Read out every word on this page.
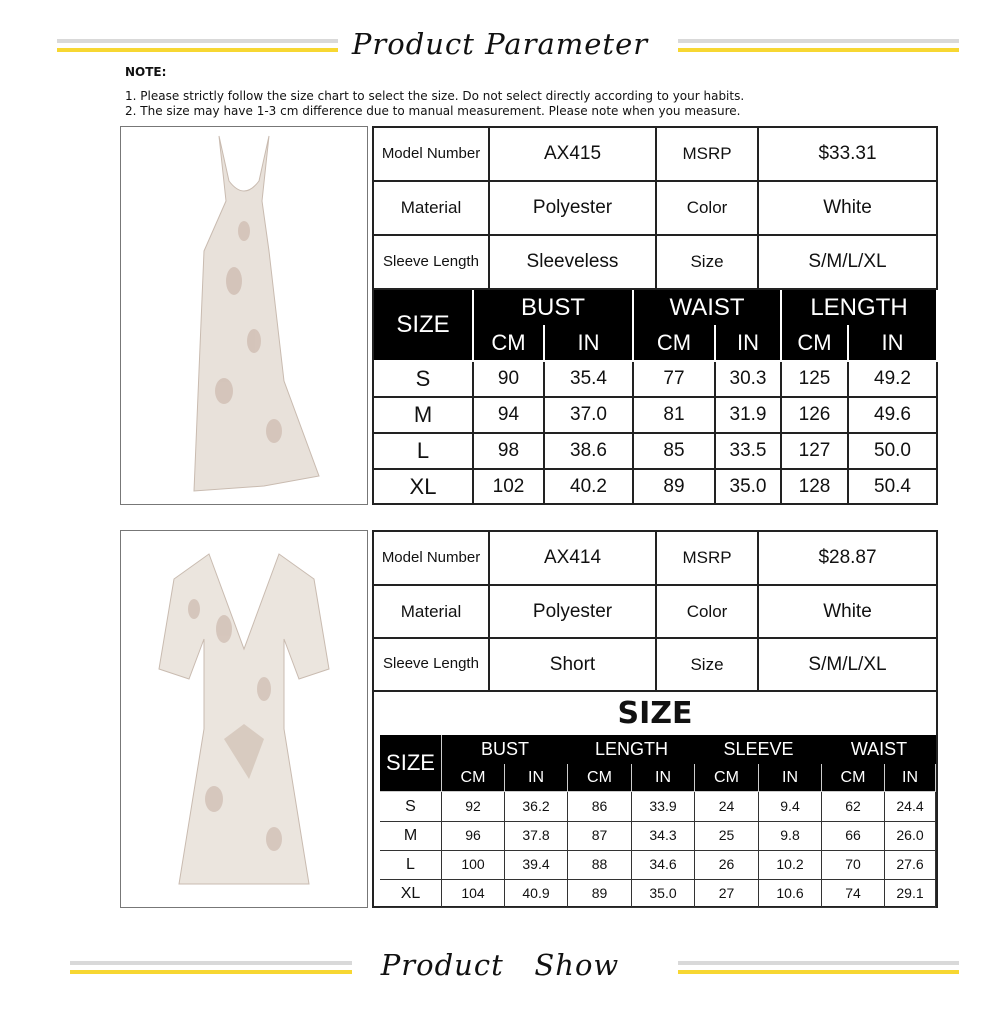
Product Parameter
NOTE:
1. Please strictly follow the size chart to select the size. Do not select directly according to your habits.
2. The size may have 1-3 cm difference due to manual measurement. Please note when you measure.
Model Number	AX415	MSRP	$33.31
Material	Polyester	Color	White
Sleeve Length	Sleeveless	Size	S/M/L/XL
SIZE
BUST	WAIST	LENGTH
CM	IN	CM	IN	CM	IN
S	90	35.4	77	30.3	125	49.2
M	94	37.0	81	31.9	126	49.6
L	98	38.6	85	33.5	127	50.0
XL	102	40.2	89	35.0	128	50.4
Model Number	AX414	MSRP	$28.87
Material	Polyester	Color	White
Sleeve Length	Short	Size	S/M/L/XL
SIZE
SIZE
BUST	LENGTH	SLEEVE	WAIST
CM	IN	CM	IN	CM	IN	CM	IN
S	92	36.2	86	33.9	24	9.4	62	24.4
M	96	37.8	87	34.3	25	9.8	66	26.0
L	100	39.4	88	34.6	26	10.2	70	27.6
XL	104	40.9	89	35.0	27	10.6	74	29.1
Product   Show
